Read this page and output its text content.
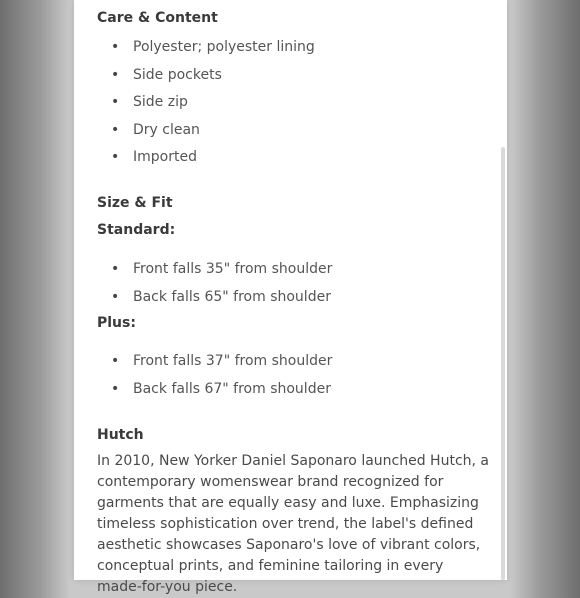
Care & Content
• Polyester; polyester lining
• Side pockets
• Side zip
• Dry clean
• Imported
Size & Fit
Standard:
• Front falls 35" from shoulder
• Back falls 65" from shoulder
Plus:
• Front falls 37" from shoulder
• Back falls 67" from shoulder
Hutch

In 2010, New Yorker Daniel Saponaro launched Hutch, a contemporary womenswear brand recognized for garments that are equally easy and luxe. Emphasizing timeless sophistication over trend, the label's defined aesthetic showcases Saponaro's love of vibrant colors, conceptual prints, and feminine tailoring in every made-for-you piece.
